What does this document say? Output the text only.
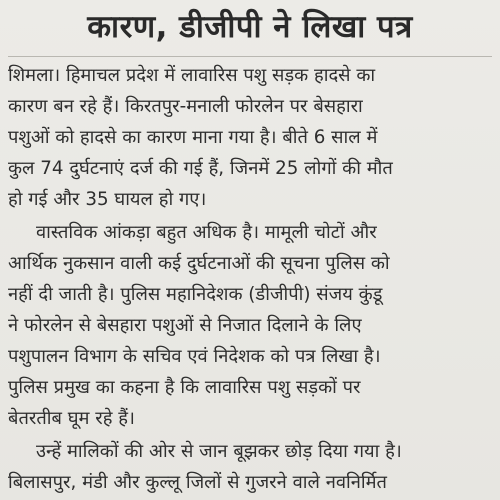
कारण, डीजीपी ने लिखा पत्र
शिमला। हिमाचल प्रदेश में लावारिस पशु सड़क हादसे का
कारण बन रहे हैं। किरतपुर-मनाली फोरलेन पर बेसहारा
पशुओं को हादसे का कारण माना गया है। बीते 6 साल में
कुल 74 दुर्घटनाएं दर्ज की गई हैं, जिनमें 25 लोगों की मौत
हो गई और 35 घायल हो गए।
वास्तविक आंकड़ा बहुत अधिक है। मामूली चोटों और
आर्थिक नुकसान वाली कई दुर्घटनाओं की सूचना पुलिस को
नहीं दी जाती है। पुलिस महानिदेशक (डीजीपी) संजय कुंडू
ने फोरलेन से बेसहारा पशुओं से निजात दिलाने के लिए
पशुपालन विभाग के सचिव एवं निदेशक को पत्र लिखा है।
पुलिस प्रमुख का कहना है कि लावारिस पशु सड़कों पर
बेतरतीब घूम रहे हैं।
उन्हें मालिकों की ओर से जान बूझकर छोड़ दिया गया है।
बिलासपुर, मंडी और कुल्लू जिलों से गुजरने वाले नवनिर्मित
